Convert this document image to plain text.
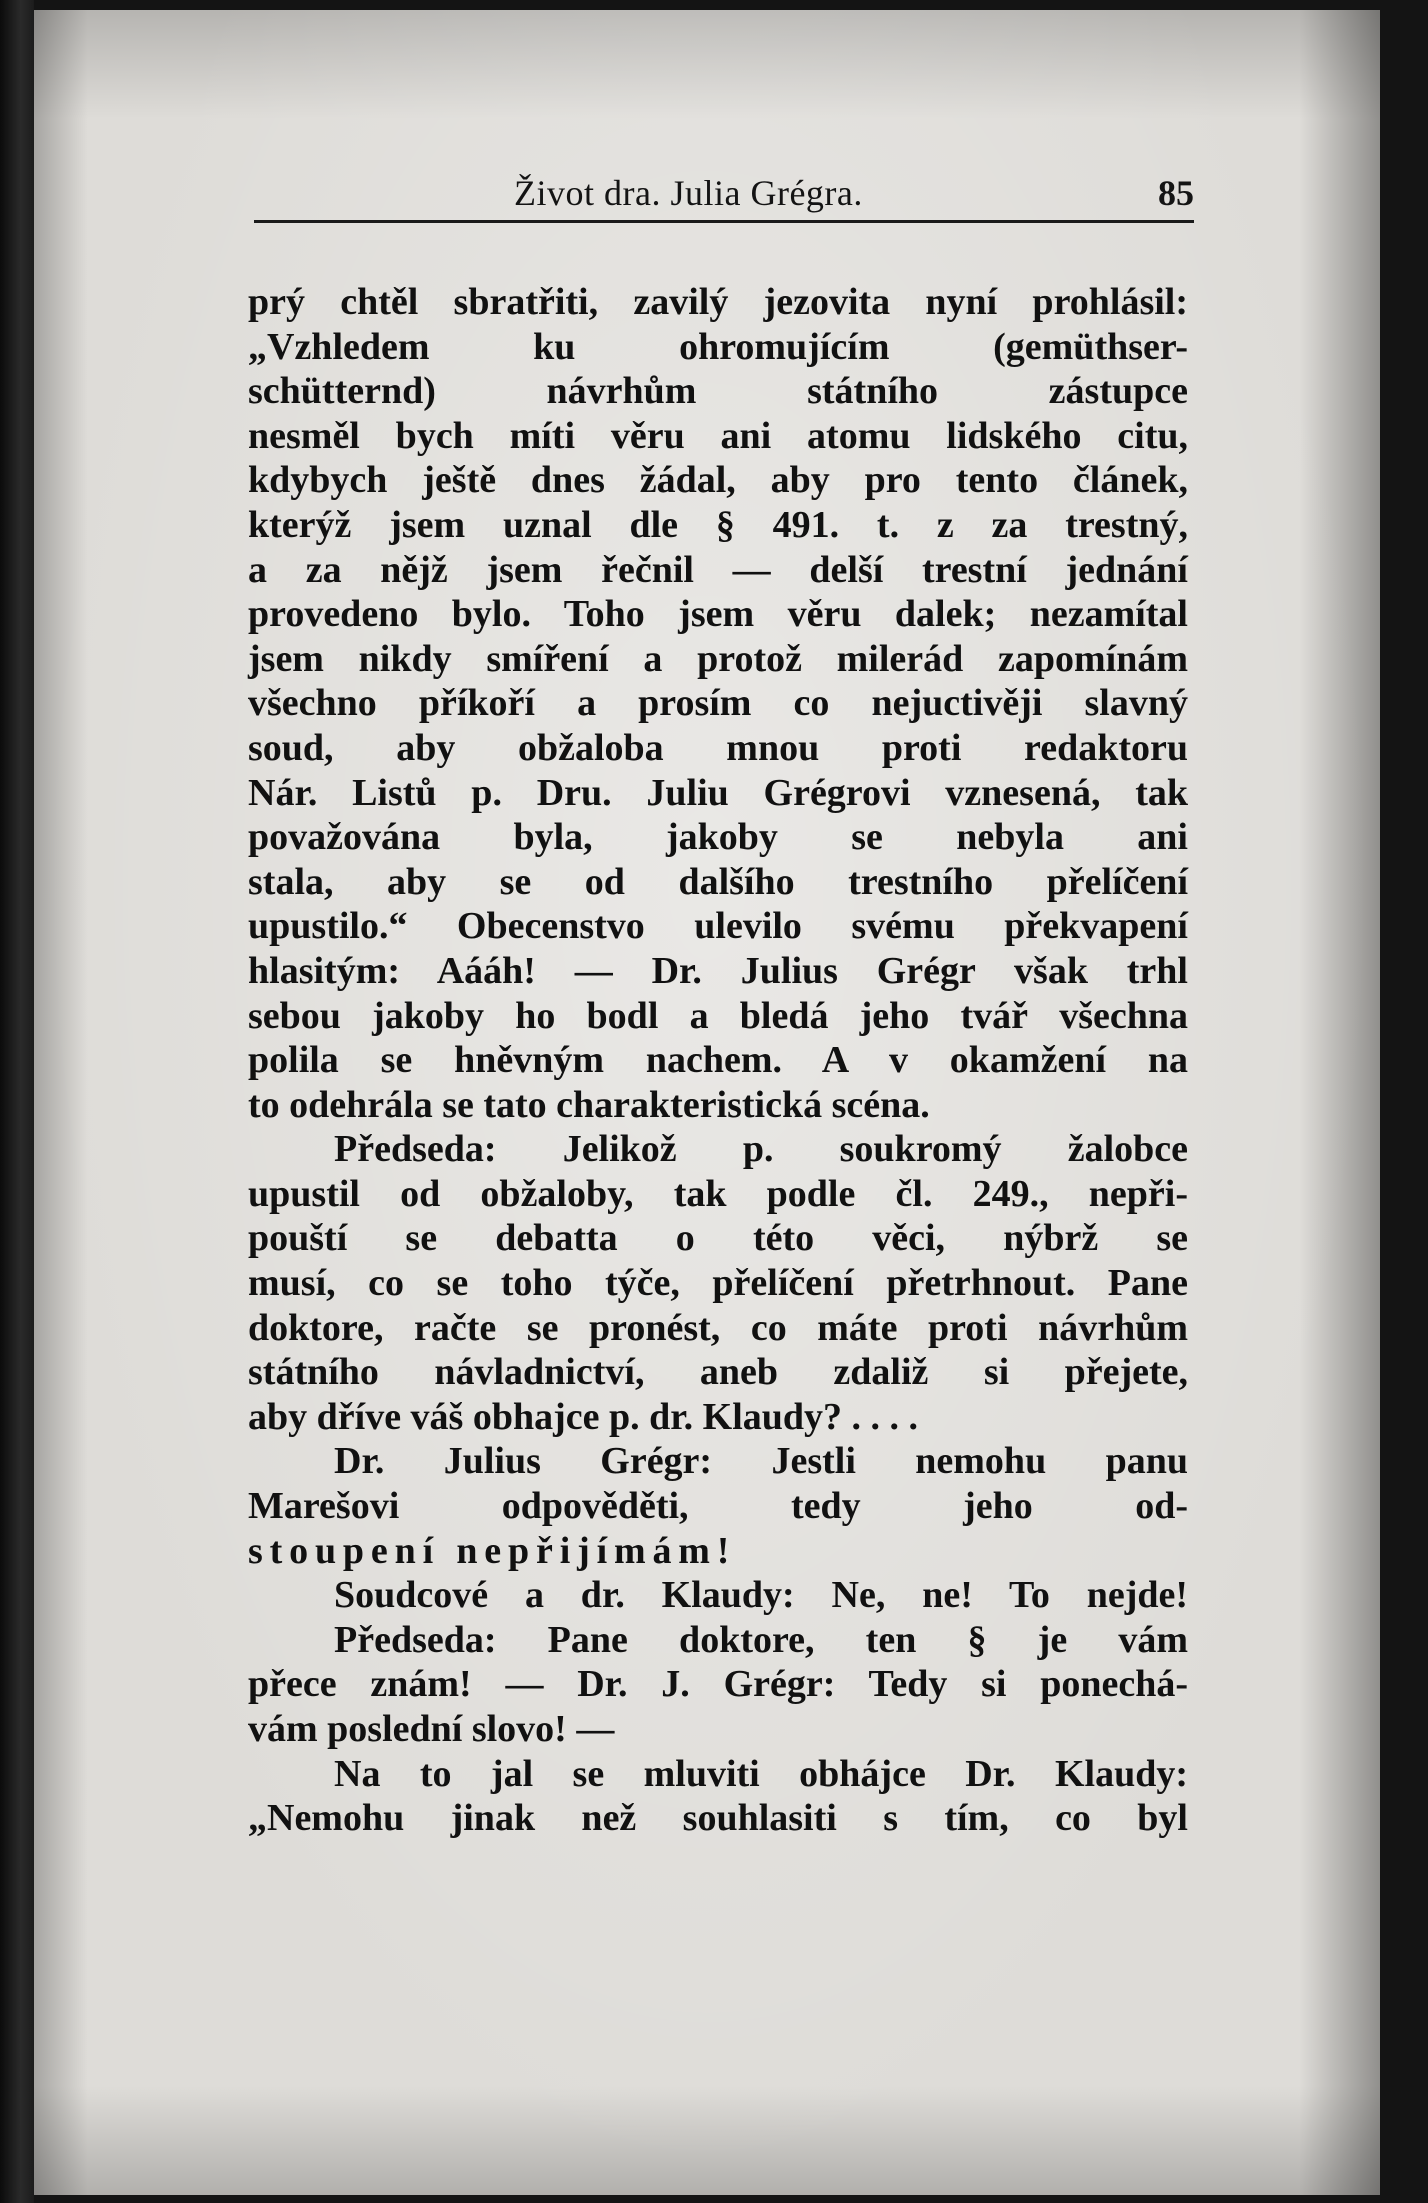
Život dra. Julia Grégra.	85
prý chtěl sbratřiti, zavilý jezovita nyní prohlásil:
„Vzhledem ku ohromujícím (gemüthser-
schütternd) návrhům státního zástupce
nesměl bych míti věru ani atomu lidského citu,
kdybych ještě dnes žádal, aby pro tento článek,
kterýž jsem uznal dle § 491. t. z za trestný,
a za nějž jsem řečnil — delší trestní jednání
provedeno bylo. Toho jsem věru dalek; nezamítal
jsem nikdy smíření a protož milerád zapomínám
všechno příkoří a prosím co nejuctivěji slavný
soud, aby obžaloba mnou proti redaktoru
Nár. Listů p. Dru. Juliu Grégrovi vznesená, tak
považována byla, jakoby se nebyla ani
stala, aby se od dalšího trestního přelíčení
upustilo.“ Obecenstvo ulevilo svému překvapení
hlasitým: Aááh! — Dr. Julius Grégr však trhl
sebou jakoby ho bodl a bledá jeho tvář všechna
polila se hněvným nachem. A v okamžení na
to odehrála se tato charakteristická scéna.
Předseda: Jelikož p. soukromý žalobce
upustil od obžaloby, tak podle čl. 249., nepři-
pouští se debatta o této věci, nýbrž se
musí, co se toho týče, přelíčení přetrhnout. Pane
doktore, račte se pronést, co máte proti návrhům
státního návladnictví, aneb zdaliž si přejete,
aby dříve váš obhajce p. dr. Klaudy? . . . .
Dr. Julius Grégr: Jestli nemohu panu
Marešovi odpověděti, tedy jeho od-
stoupení nepřijímám!
Soudcové a dr. Klaudy: Ne, ne! To nejde!
Předseda: Pane doktore, ten § je vám
přece znám! — Dr. J. Grégr: Tedy si ponechá-
vám poslední slovo! —
Na to jal se mluviti obhájce Dr. Klaudy:
„Nemohu jinak než souhlasiti s tím, co byl
